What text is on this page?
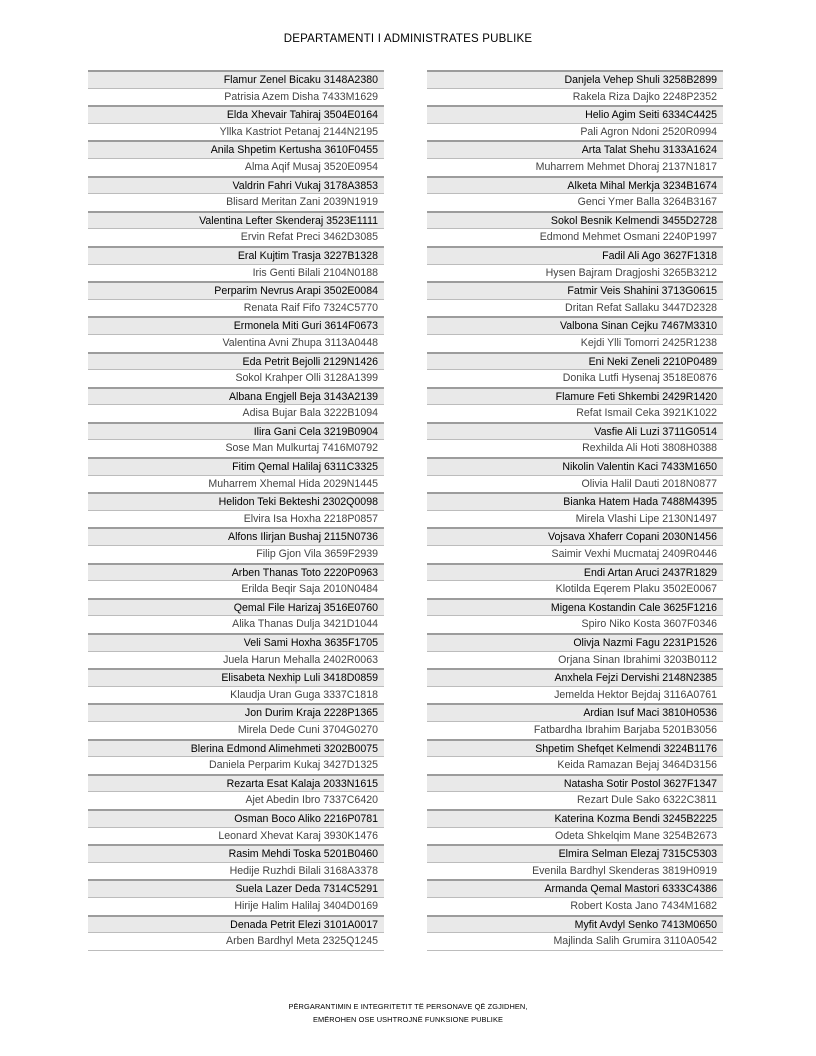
DEPARTAMENTI I ADMINISTRATES PUBLIKE
Flamur Zenel Bicaku 3148A2380
Patrisia Azem Disha 7433M1629
Elda Xhevair Tahiraj 3504E0164
Yllka Kastriot Petanaj 2144N2195
Anila Shpetim Kertusha 3610F0455
Alma Aqif Musaj 3520E0954
Valdrin Fahri Vukaj 3178A3853
Blisard Meritan Zani 2039N1919
Valentina Lefter Skenderaj 3523E1111
Ervin Refat Preci 3462D3085
Eral Kujtim Trasja 3227B1328
Iris Genti Bilali 2104N0188
Perparim Nevrus Arapi 3502E0084
Renata Raif Fifo 7324C5770
Ermonela Miti Guri 3614F0673
Valentina Avni Zhupa 3113A0448
Eda Petrit Bejolli 2129N1426
Sokol Krahper Olli 3128A1399
Albana Engjell Beja 3143A2139
Adisa Bujar Bala 3222B1094
Ilira Gani Cela 3219B0904
Sose Man Mulkurtaj 7416M0792
Fitim Qemal Halilaj 6311C3325
Muharrem Xhemal Hida 2029N1445
Helidon Teki Bekteshi 2302Q0098
Elvira Isa Hoxha 2218P0857
Alfons Ilirjan Bushaj 2115N0736
Filip Gjon Vila 3659F2939
Arben Thanas Toto 2220P0963
Erilda Beqir Saja 2010N0484
Qemal File Harizaj 3516E0760
Alika Thanas Dulja 3421D1044
Veli Sami Hoxha 3635F1705
Juela Harun Mehalla 2402R0063
Elisabeta Nexhip Luli 3418D0859
Klaudja Uran Guga 3337C1818
Jon Durim Kraja 2228P1365
Mirela Dede Cuni 3704G0270
Blerina Edmond Alimehmeti 3202B0075
Daniela Perparim Kukaj 3427D1325
Rezarta Esat Kalaja 2033N1615
Ajet Abedin Ibro 7337C6420
Osman Boco Aliko 2216P0781
Leonard Xhevat Karaj 3930K1476
Rasim Mehdi Toska 5201B0460
Hedije Ruzhdi Bilali 3168A3378
Suela Lazer Deda 7314C5291
Hirije Halim Halilaj 3404D0169
Denada Petrit Elezi 3101A0017
Arben Bardhyl Meta 2325Q1245
Danjela Vehep Shuli 3258B2899
Rakela Riza Dajko 2248P2352
Helio Agim Seiti 6334C4425
Pali Agron Ndoni 2520R0994
Arta Talat Shehu 3133A1624
Muharrem Mehmet Dhoraj 2137N1817
Alketa Mihal Merkja 3234B1674
Genci Ymer Balla 3264B3167
Sokol Besnik Kelmendi 3455D2728
Edmond Mehmet Osmani 2240P1997
Fadil Ali Ago 3627F1318
Hysen Bajram Dragjoshi 3265B3212
Fatmir Veis Shahini 3713G0615
Dritan Refat Sallaku 3447D2328
Valbona Sinan Cejku 7467M3310
Kejdi Ylli Tomorri 2425R1238
Eni Neki Zeneli 2210P0489
Donika Lutfi Hysenaj 3518E0876
Flamure Feti Shkembi 2429R1420
Refat Ismail Ceka 3921K1022
Vasfie Ali Luzi 3711G0514
Rexhilda Ali Hoti 3808H0388
Nikolin Valentin Kaci 7433M1650
Olivia Halil Dauti 2018N0877
Bianka Hatem Hada 7488M4395
Mirela Vlashi Lipe 2130N1497
Vojsava Xhaferr Copani 2030N1456
Saimir Vexhi Mucmataj 2409R0446
Endi Artan Aruci 2437R1829
Klotilda Eqerem Plaku 3502E0067
Migena Kostandin Cale 3625F1216
Spiro Niko Kosta 3607F0346
Olivja Nazmi Fagu 2231P1526
Orjana Sinan Ibrahimi 3203B0112
Anxhela Fejzi Dervishi 2148N2385
Jemelda Hektor Bejdaj 3116A0761
Ardian Isuf Maci 3810H0536
Fatbardha Ibrahim Barjaba 5201B3056
Shpetim Shefqet Kelmendi 3224B1176
Keida Ramazan Bejaj 3464D3156
Natasha Sotir Postol 3627F1347
Rezart Dule Sako 6322C3811
Katerina Kozma Bendi 3245B2225
Odeta Shkelqim Mane 3254B2673
Elmira Selman Elezaj 7315C5303
Evenila Bardhyl Skenderas 3819H0919
Armanda Qemal Mastori 6333C4386
Robert Kosta Jano 7434M1682
Myfit Avdyl Senko 7413M0650
Majlinda Salih Grumira 3110A0542
PËRGARANTIMIN E INTEGRITETIT TË PERSONAVE QË ZGJIDHEN,
EMËROHEN OSE USHTROJNË FUNKSIONE PUBLIKE
